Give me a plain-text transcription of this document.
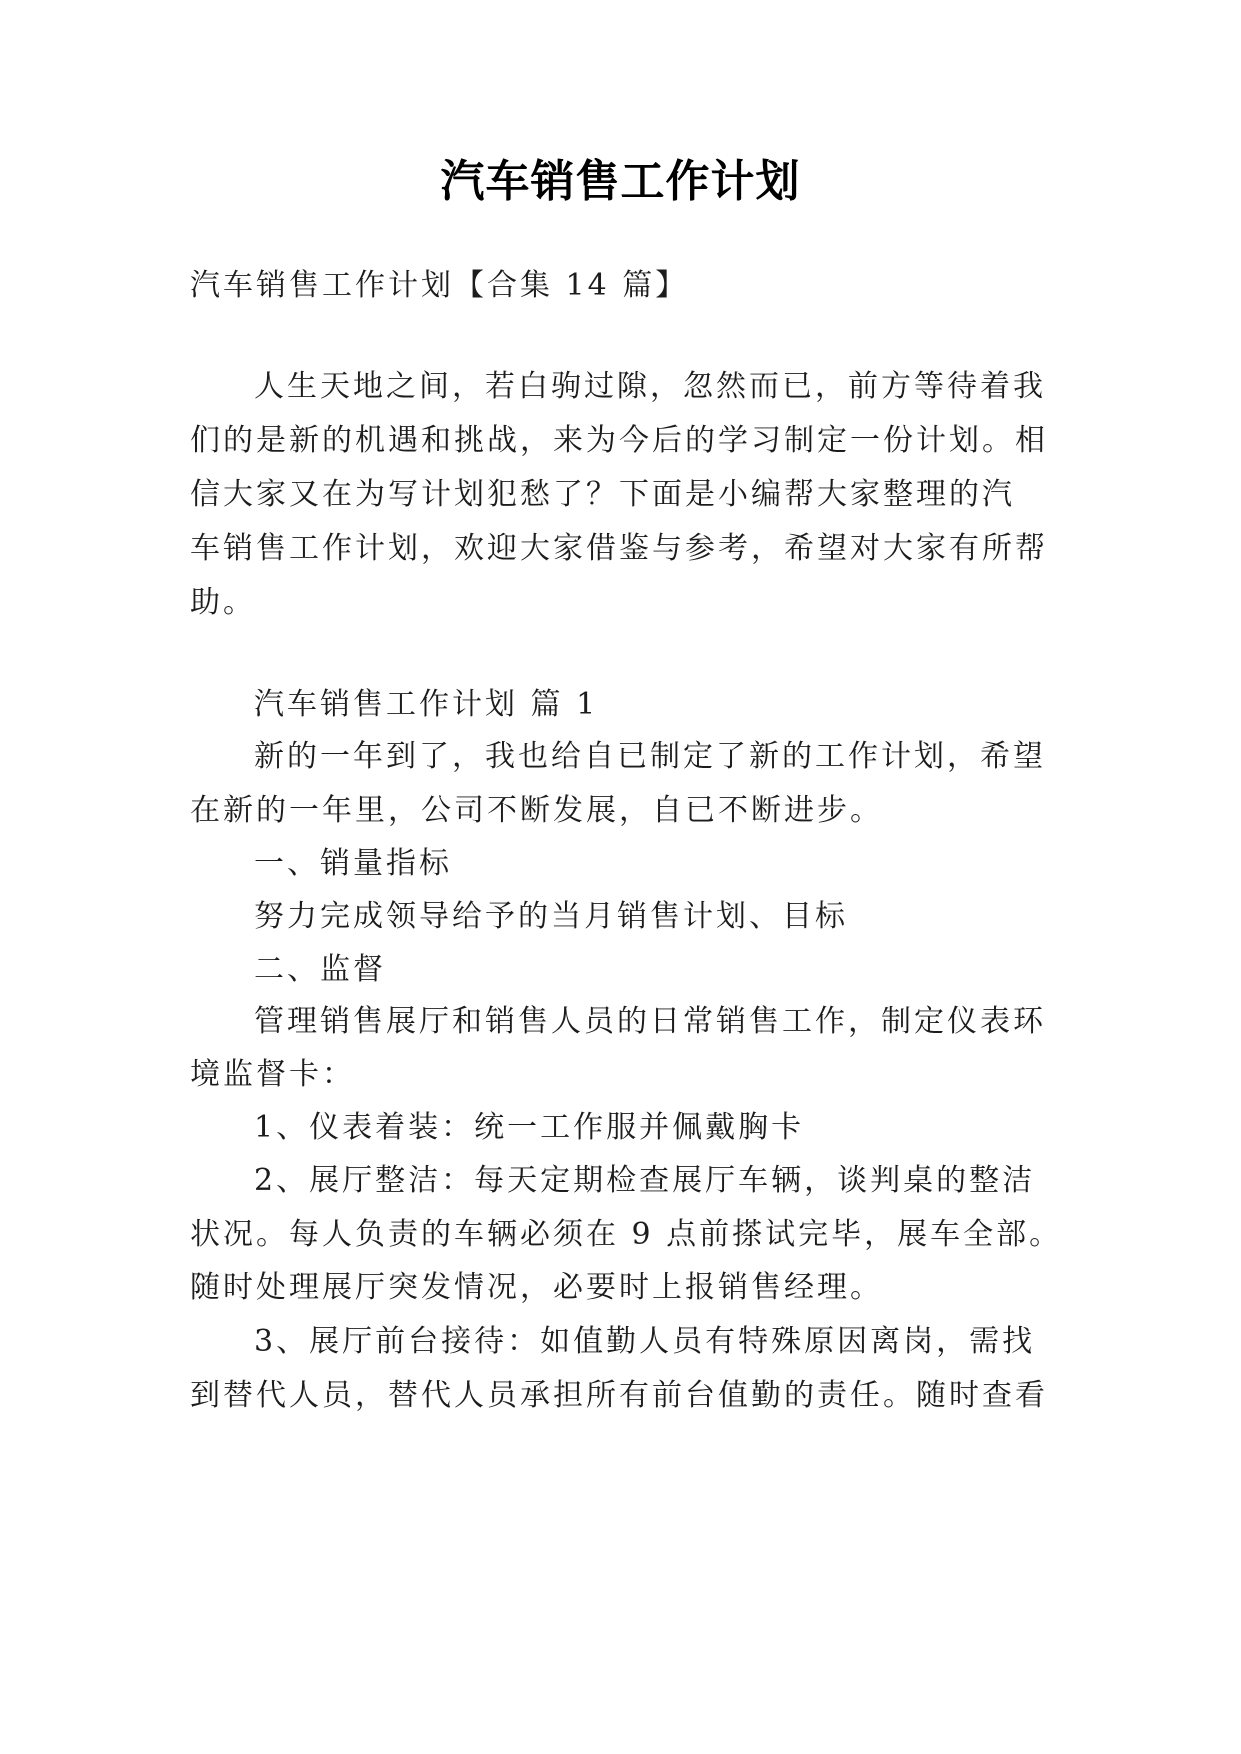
汽车销售工作计划
汽车销售工作计划【合集 14 篇】
人生天地之间，若白驹过隙，忽然而已，前方等待着我
们的是新的机遇和挑战，来为今后的学习制定一份计划。相
信大家又在为写计划犯愁了？下面是小编帮大家整理的汽
车销售工作计划，欢迎大家借鉴与参考，希望对大家有所帮
助。
汽车销售工作计划 篇 1
新的一年到了，我也给自已制定了新的工作计划，希望
在新的一年里，公司不断发展，自已不断进步。
一、销量指标
努力完成领导给予的当月销售计划、目标
二、监督
管理销售展厅和销售人员的日常销售工作，制定仪表环
境监督卡：
1、仪表着装：统一工作服并佩戴胸卡
2、展厅整洁：每天定期检查展厅车辆，谈判桌的整洁
状况。每人负责的车辆必须在 9 点前搽试完毕，展车全部。
随时处理展厅突发情况，必要时上报销售经理。
3、展厅前台接待：如值勤人员有特殊原因离岗，需找
到替代人员，替代人员承担所有前台值勤的责任。随时查看
